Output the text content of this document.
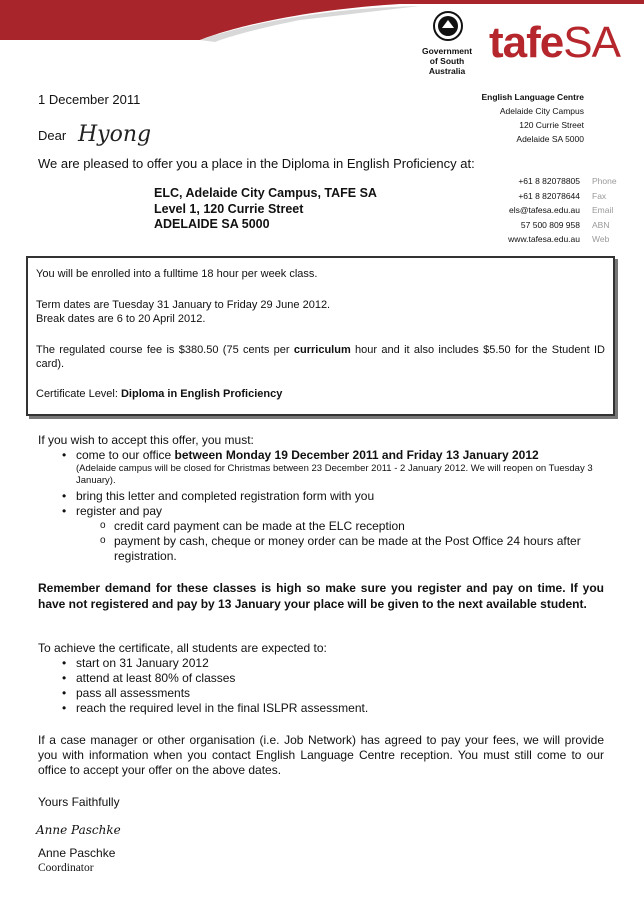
Government
of South Australia
tafeSA
1 December 2011	English Language Centre
Adelaide City Campus
120 Currie Street
Adelaide SA 5000
Dear Hyong
+61 8 82078805	Phone
+61 8 82078644	Fax
els@tafesa.edu.au	Email
57 500 809 958	ABN
www.tafesa.edu.au	Web
We are pleased to offer you a place in the Diploma in English Proficiency at:
ELC, Adelaide City Campus, TAFE SA
Level 1, 120 Currie Street
ADELAIDE SA 5000

You will be enrolled into a fulltime 18 hour per week class.

Term dates are Tuesday 31 January to Friday 29 June 2012.

Break dates are 6 to 20 April 2012.

The regulated course fee is $380.50 (75 cents per curriculum hour and it also includes $5.50 for the Student ID card).

Certificate Level: Diploma in English Proficiency

If you wish to accept this offer, you must:
• come to our office between Monday 19 December 2011 and Friday 13 January 2012
(Adelaide campus will be closed for Christmas between 23 December 2011 - 2 January 2012. We will reopen on Tuesday 3 January).
• bring this letter and completed registration form with you
• register and pay
o credit card payment can be made at the ELC reception
o payment by cash, cheque or money order can be made at the Post Office 24 hours after registration.
Remember demand for these classes is high so make sure you register and pay on time. If you have not registered and pay by 13 January your place will be given to the next available student.
To achieve the certificate, all students are expected to:
• start on 31 January 2012
• attend at least 80% of classes
• pass all assessments
• reach the required level in the final ISLPR assessment.
If a case manager or other organisation (i.e. Job Network) has agreed to pay your fees, we will provide you with information when you contact English Language Centre reception. You must still come to our office to accept your offer on the above dates.
Yours Faithfully
Anne Paschke
Anne Paschke
Coordinator
